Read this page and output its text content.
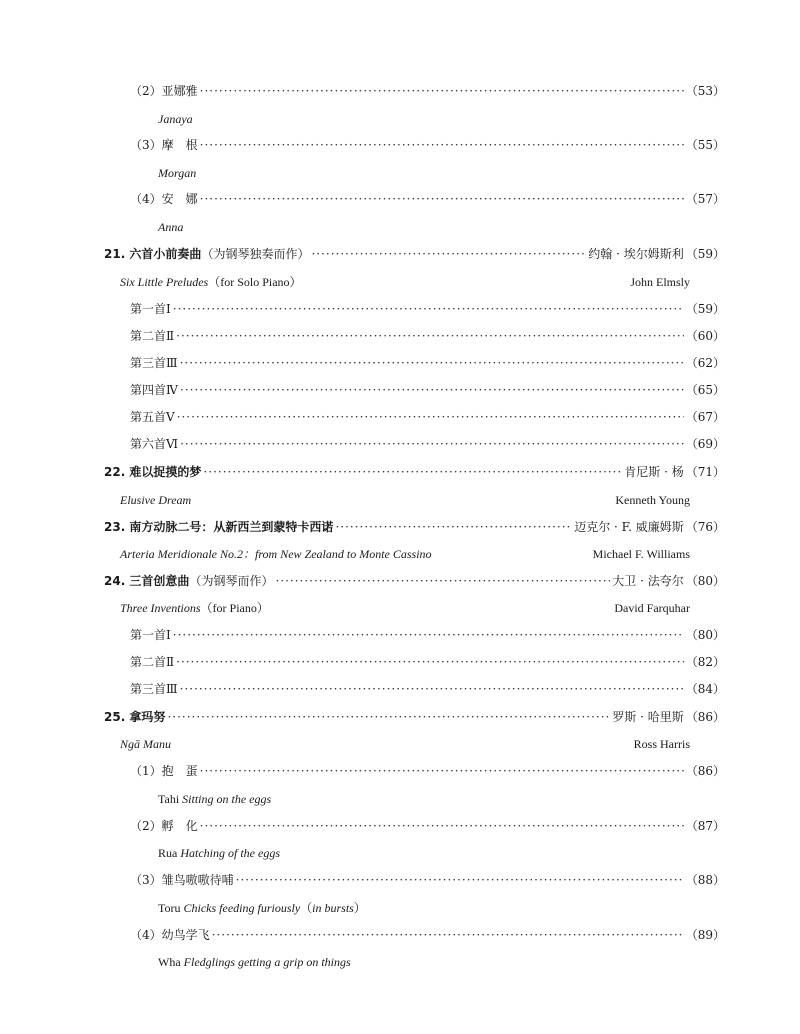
（2）亚娜雅 ·····	（53）
Janaya
（3）摩　根 ·····	（55）
Morgan
（4）安　娜 ·····	（57）
Anna
21. 六首小前奏曲 （为钢琴独奏而作） ·····	约翰 · 埃尔姆斯利 （59）
Six Little Preludes（for Solo Piano）	John Elmsly
第一首Ⅰ ·····	（59）
第二首Ⅱ ·····	（60）
第三首Ⅲ ·····	（62）
第四首Ⅳ ·····	（65）
第五首Ⅴ ·····	（67）
第六首Ⅵ ·····	（69）
22. 难以捉摸的梦 ·····	肯尼斯 · 杨 （71）
Elusive Dream	Kenneth Young
23. 南方动脉二号：从新西兰到蒙特卡西诺 ·····	迈克尔 · F. 威廉姆斯 （76）
Arteria Meridionale No.2：from New Zealand to Monte Cassino	Michael F. Williams
24. 三首创意曲 （为钢琴而作） ·····	大卫 · 法夸尔 （80）
Three Inventions（for Piano）	David Farquhar
第一首Ⅰ ·····	（80）
第二首Ⅱ ·····	（82）
第三首Ⅲ ·····	（84）
25. 拿玛努 ·····	罗斯 · 哈里斯 （86）
Ngā Manu	Ross Harris
（1）抱　蛋 ·····	（86）
Tahi Sitting on the eggs
（2）孵　化 ·····	（87）
Rua Hatching of the eggs
（3）雏鸟嗷嗷待哺 ·····	（88）
Toru Chicks feeding furiously（in bursts）
（4）幼鸟学飞 ·····	（89）
Wha Fledglings getting a grip on things
